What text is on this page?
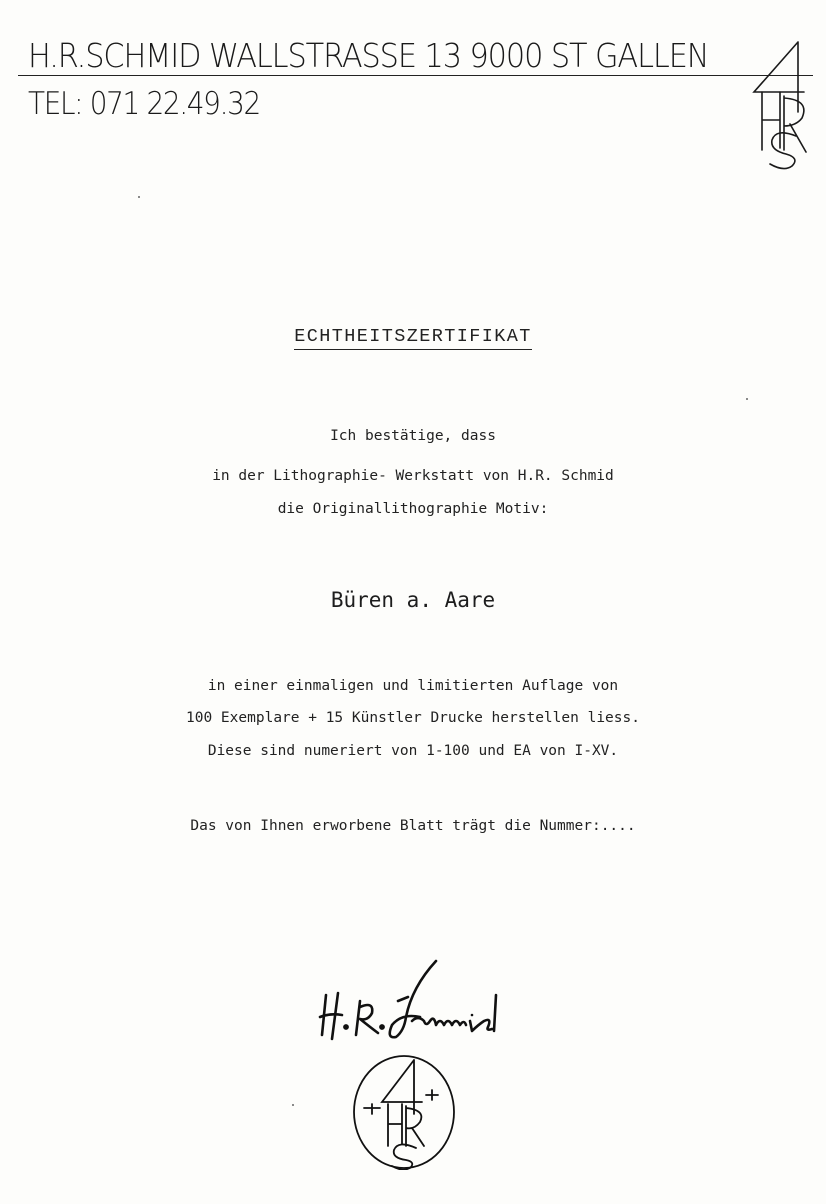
H.R.SCHMID WALLSTRASSE 13 9000 ST GALLEN
TEL: 071 22.49.32
ECHTHEITSZERTIFIKAT
Ich bestätige, dass
in der Lithographie- Werkstatt von H.R. Schmid
die Originallithographie Motiv:
Büren a. Aare
in einer einmaligen und limitierten Auflage von
100 Exemplare + 15 Künstler Drucke herstellen liess.
Diese sind numeriert von 1-100 und EA von I-XV.
Das von Ihnen erworbene Blatt trägt die Nummer:....
